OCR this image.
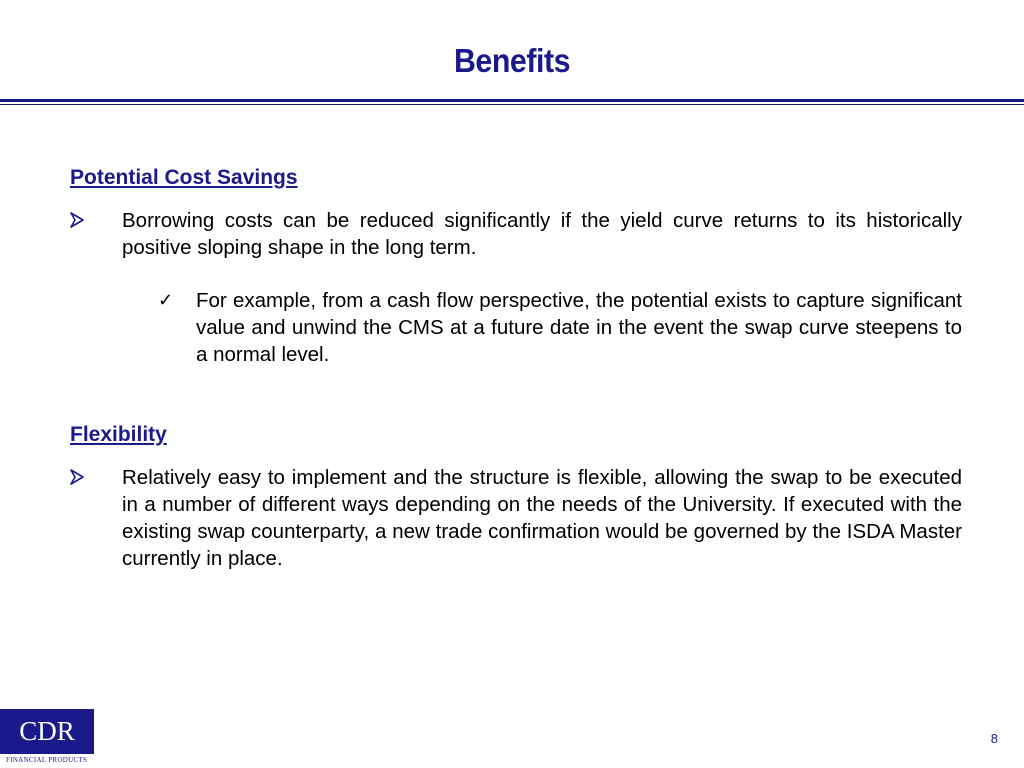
Benefits
Potential Cost Savings
Borrowing costs can be reduced significantly if the yield curve returns to its historically positive sloping shape in the long term.
✓	For example, from a cash flow perspective, the potential exists to capture significant value and unwind the CMS at a future date in the event the swap curve steepens to a normal level.
Flexibility
Relatively easy to implement and the structure is flexible, allowing the swap to be executed in a number of different ways depending on the needs of the University. If executed with the existing swap counterparty, a new trade confirmation would be governed by the ISDA Master currently in place.
CDR
FINANCIAL PRODUCTS
8
